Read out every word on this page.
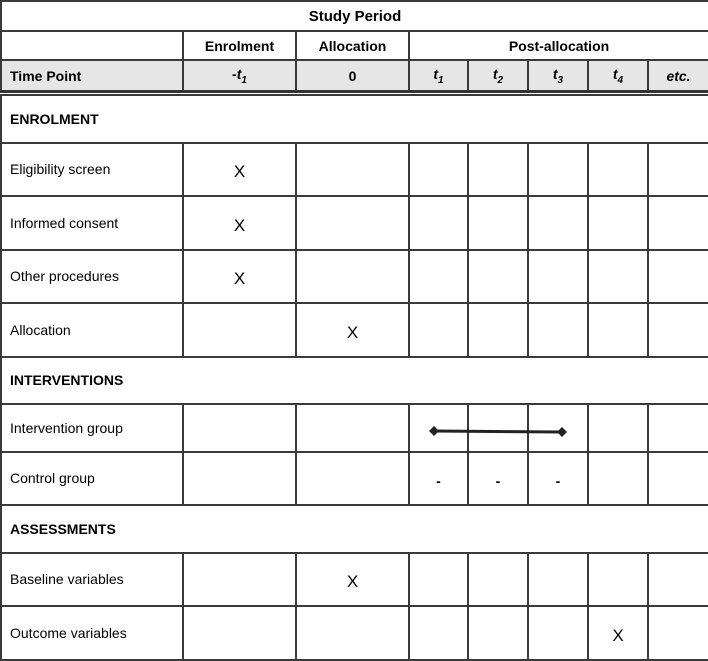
Study Period							
	Enrolment	Allocation	Post-allocation				
Time Point	$-t_1$	0	$t_1$	$t_2$	$t_3$	$t_4$	etc.

ENROLMENT							
Eligibility screen	X						
Informed consent	X						
Other procedures	X						
Allocation		X					
INTERVENTIONS							
Intervention group							
Control group			-	-	-		
ASSESSMENTS							
Baseline variables		X					
Outcome variables						X	
